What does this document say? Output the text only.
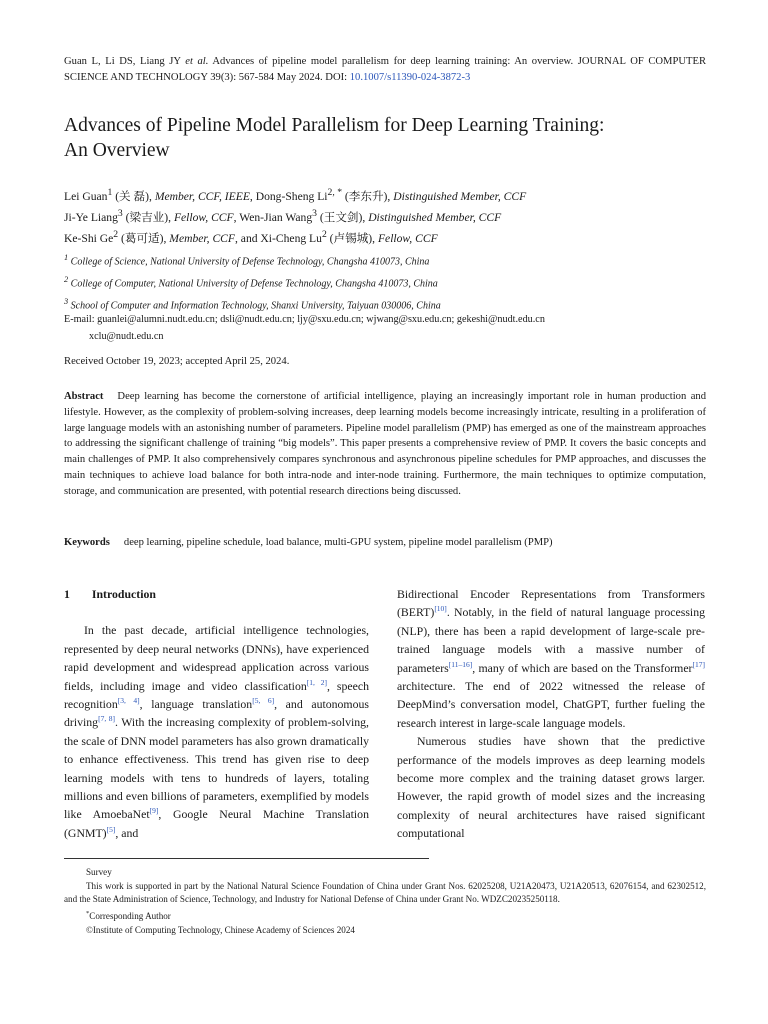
Guan L, Li DS, Liang JY et al. Advances of pipeline model parallelism for deep learning training: An overview. JOURNAL OF COMPUTER SCIENCE AND TECHNOLOGY 39(3): 567-584 May 2024. DOI: 10.1007/s11390-024-3872-3
Advances of Pipeline Model Parallelism for Deep Learning Training:
An Overview
Lei Guan$^1$ (关 磊), Member, CCF, IEEE, Dong-Sheng $Li^{2, *}$ (李东升), Distinguished Member, CCF
Ji-Ye Liang$^3$ (梁吉业), Fellow, CCF, Wen-Jian Wang$^3$ (王文剑), Distinguished Member, CCF
Ke-Shi Ge$^2$ (葛可适), Member, CCF, and Xi-Cheng Lu$^2$ (卢锡城), Fellow, CCF
$^1$ College of Science, National University of Defense Technology, Changsha 410073, China
$^2$ College of Computer, National University of Defense Technology, Changsha 410073, China
$^3$ School of Computer and Information Technology, Shanxi University, Taiyuan 030006, China
E-mail: guanlei@alumni.nudt.edu.cn; dsli@nudt.edu.cn; ljy@sxu.edu.cn; wjwang@sxu.edu.cn; gekeshi@nudt.edu.cn
xclu@nudt.edu.cn
Received October 19, 2023; accepted April 25, 2024.
Abstract Deep learning has become the cornerstone of artificial intelligence, playing an increasingly important role in human production and lifestyle. However, as the complexity of problem-solving increases, deep learning models become increasingly intricate, resulting in a proliferation of large language models with an astonishing number of parameters. Pipeline model parallelism (PMP) has emerged as one of the mainstream approaches to addressing the significant challenge of training “big models”. This paper presents a comprehensive review of PMP. It covers the basic concepts and main challenges of PMP. It also comprehensively compares synchronous and asynchronous pipeline schedules for PMP approaches, and discusses the main techniques to achieve load balance for both intra-node and inter-node training. Furthermore, the main techniques to optimize computation, storage, and communication are presented, with potential research directions being discussed.
Keywords deep learning, pipeline schedule, load balance, multi-GPU system, pipeline model parallelism (PMP)
1 Introduction

In the past decade, artificial intelligence technologies, represented by deep neural networks (DNNs), have experienced rapid development and widespread application across various fields, including image and video classification[1, 2], speech recognition[3, 4], language translation[5, 6], and autonomous driving[7, 8]. With the increasing complexity of problem-solving, the scale of DNN model parameters has also grown dramatically to enhance effectiveness. This trend has given rise to deep learning models with tens to hundreds of layers, totaling millions and even billions of parameters, exemplified by models like AmoebaNet[9], Google Neural Machine Translation (GNMT)[5], and

Bidirectional Encoder Representations from Transformers (BERT)[10]. Notably, in the field of natural language processing (NLP), there has been a rapid development of large-scale pre-trained language models with a massive number of parameters[11–16], many of which are based on the Transformer[17] architecture. The end of 2022 witnessed the release of DeepMind’s conversation model, ChatGPT, further fueling the research interest in large-scale language models.

Numerous studies have shown that the predictive performance of the models improves as deep learning models become more complex and the training dataset grows larger. However, the rapid growth of model sizes and the increasing complexity of neural architectures have raised significant computational

Survey
This work is supported in part by the National Natural Science Foundation of China under Grant Nos. 62025208, U21A20473, U21A20513, 62076154, and 62302512, and the State Administration of Science, Technology, and Industry for National Defense of China under Grant No. WDZC20235250118.
*Corresponding Author
©Institute of Computing Technology, Chinese Academy of Sciences 2024
